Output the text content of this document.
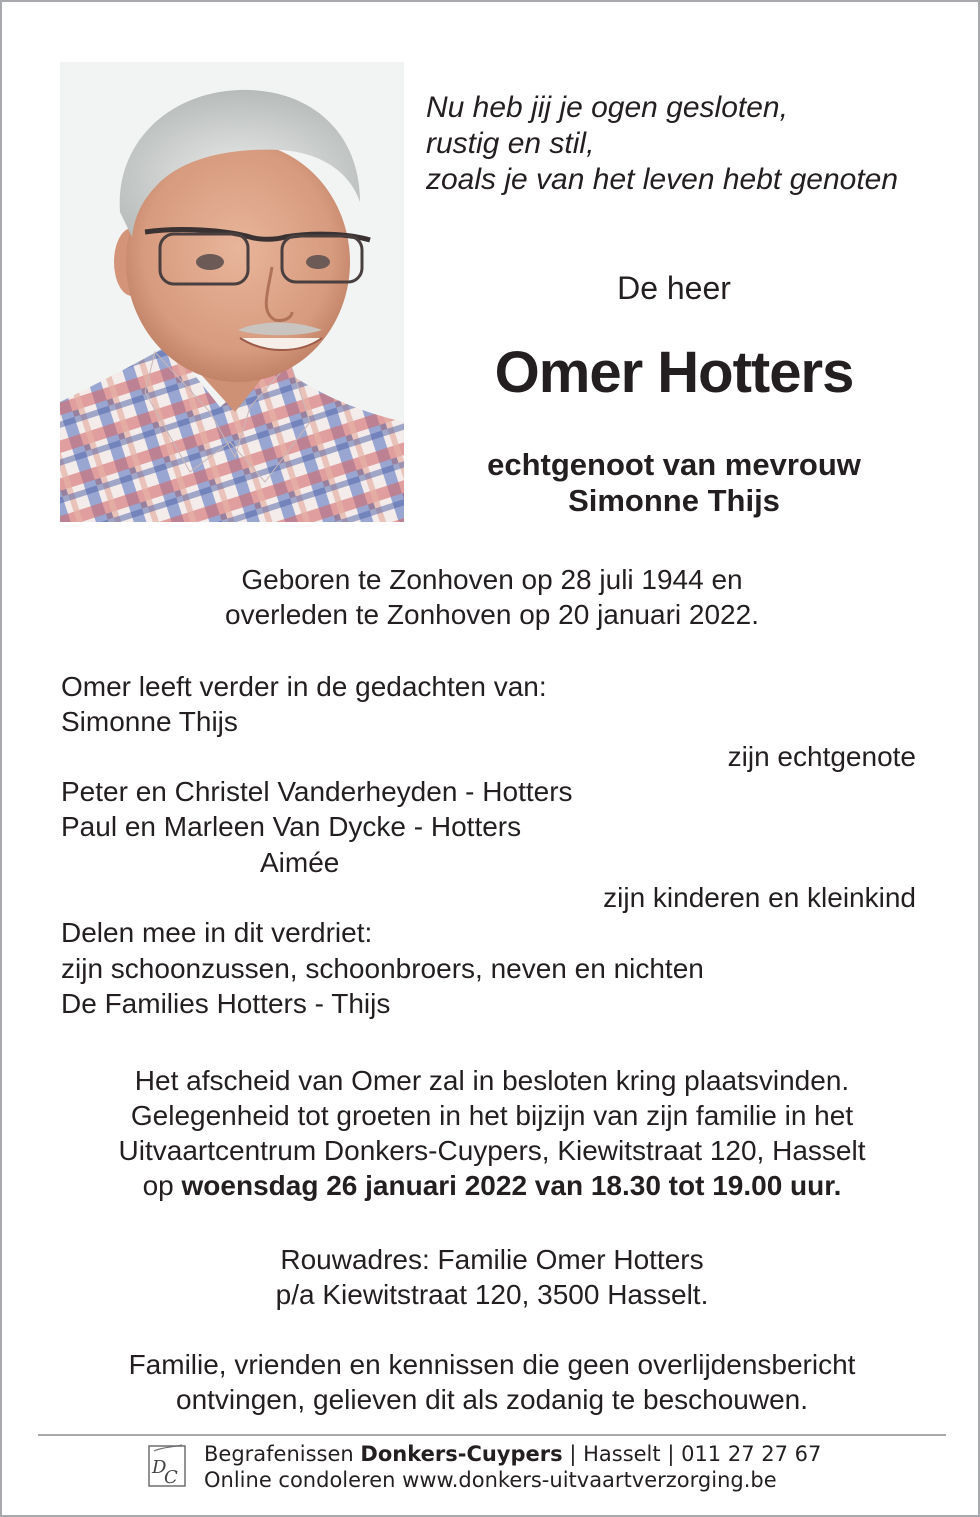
Nu heb jij je ogen gesloten,
rustig en stil,
zoals je van het leven hebt genoten
De heer
Omer Hotters
echtgenoot van mevrouw
Simonne Thijs
Geboren te Zonhoven op 28 juli 1944 en
overleden te Zonhoven op 20 januari 2022.
Omer leeft verder in de gedachten van:
Simonne Thijs
zijn echtgenote
Peter en Christel Vanderheyden - Hotters
Paul en Marleen Van Dycke - Hotters
Aimée
zijn kinderen en kleinkind
Delen mee in dit verdriet:
zijn schoonzussen, schoonbroers, neven en nichten
De Families Hotters - Thijs
Het afscheid van Omer zal in besloten kring plaatsvinden.
Gelegenheid tot groeten in het bijzijn van zijn familie in het
Uitvaartcentrum Donkers-Cuypers, Kiewitstraat 120, Hasselt
op woensdag 26 januari 2022 van 18.30 tot 19.00 uur.
Rouwadres: Familie Omer Hotters
p/a Kiewitstraat 120, 3500 Hasselt.
Familie, vrienden en kennissen die geen overlijdensbericht
ontvingen, gelieven dit als zodanig te beschouwen.
D
C
Begrafenissen Donkers-Cuypers | Hasselt | 011 27 27 67
Online condoleren www.donkers-uitvaartverzorging.be
